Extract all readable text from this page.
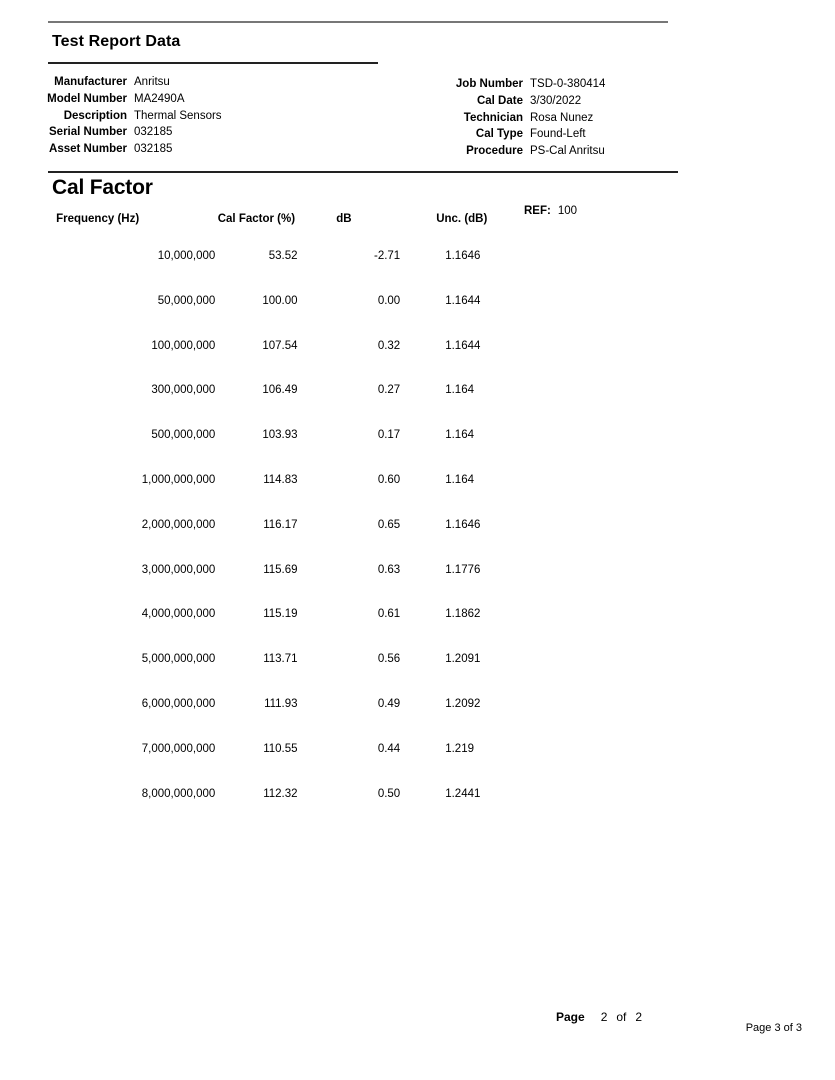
Test Report Data
Manufacturer Anritsu
Model Number MA2490A
Description Thermal Sensors
Serial Number 032185
Asset Number 032185
Job Number TSD-0-380414
Cal Date 3/30/2022
Technician Rosa Nunez
Cal Type Found-Left
Procedure PS-Cal Anritsu
Cal Factor
REF: 100
Frequency (Hz)	Cal Factor (%)	dB	Unc. (dB)	
10,000,000	53.52	-2.71	1.1646	
50,000,000	100.00	0.00	1.1644	
100,000,000	107.54	0.32	1.1644	
300,000,000	106.49	0.27	1.164	
500,000,000	103.93	0.17	1.164	
1,000,000,000	114.83	0.60	1.164	
2,000,000,000	116.17	0.65	1.1646	
3,000,000,000	115.69	0.63	1.1776	
4,000,000,000	115.19	0.61	1.1862	
5,000,000,000	113.71	0.56	1.2091	
6,000,000,000	111.93	0.49	1.2092	
7,000,000,000	110.55	0.44	1.219	
8,000,000,000	112.32	0.50	1.2441	
Page 2 of 2
Page 3 of 3
